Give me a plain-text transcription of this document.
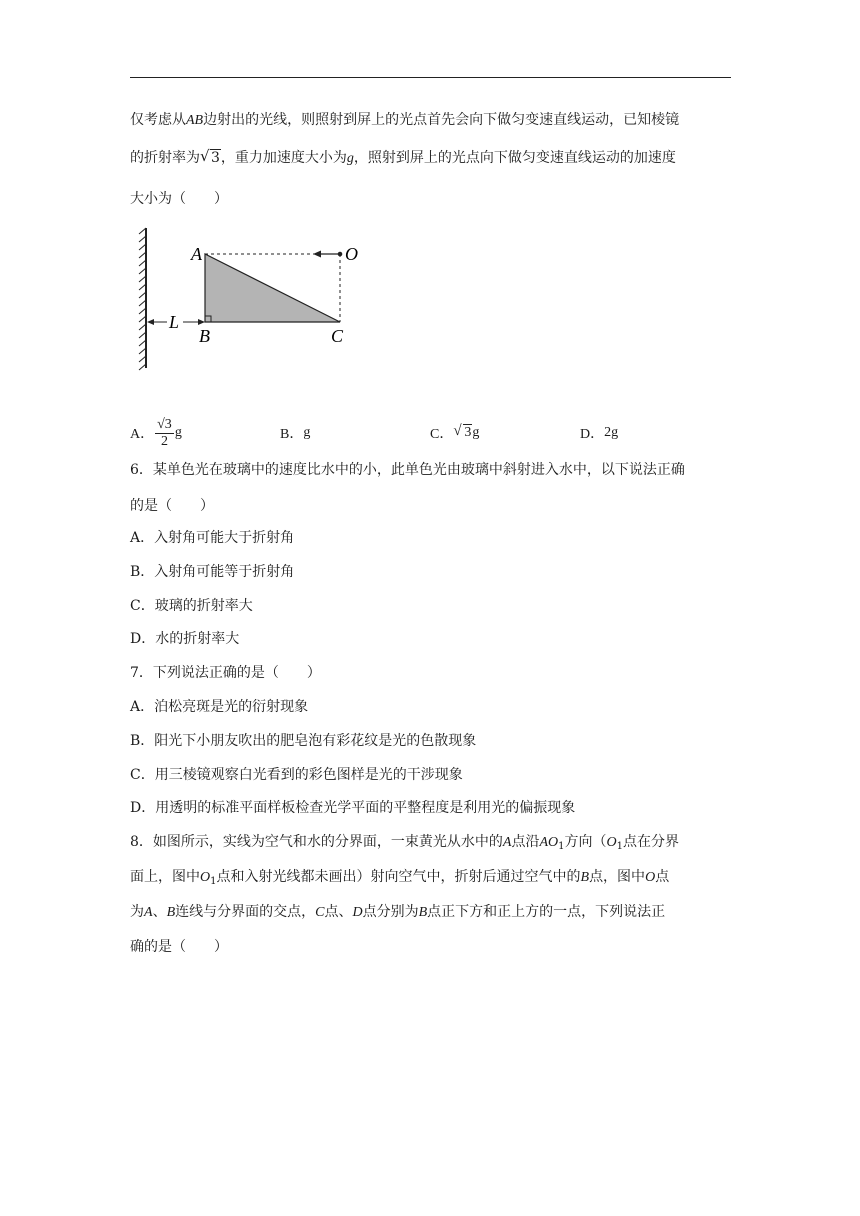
仅考虑从AB边射出的光线，则照射到屏上的光点首先会向下做匀变速直线运动，已知棱镜
的折射率为 √ 3，重力加速度大小为g，照射到屏上的光点向下做匀变速直线运动的加速度
大小为（　　）
A	O
L
B	C
A． $\frac{√3}{2}$ g	B． g	C． √ 3 g	D． 2g
6．某单色光在玻璃中的速度比水中的小，此单色光由玻璃中斜射进入水中，以下说法正确
的是（　　）
A．入射角可能大于折射角
B．入射角可能等于折射角
C．玻璃的折射率大
D．水的折射率大
7．下列说法正确的是（　　）
A．泊松亮斑是光的衍射现象
B．阳光下小朋友吹出的肥皂泡有彩花纹是光的色散现象
C．用三棱镜观察白光看到的彩色图样是光的干涉现象
D．用透明的标准平面样板检查光学平面的平整程度是利用光的偏振现象
8．如图所示，实线为空气和水的分界面，一束黄光从水中的A点沿$AO_1$方向（$O_1$点在分界
面上，图中$O_1$点和入射光线都未画出）射向空气中，折射后通过空气中的B点，图中O点
为A、B连线与分界面的交点，C点、D点分别为B点正下方和正上方的一点，下列说法正
确的是（　　）
